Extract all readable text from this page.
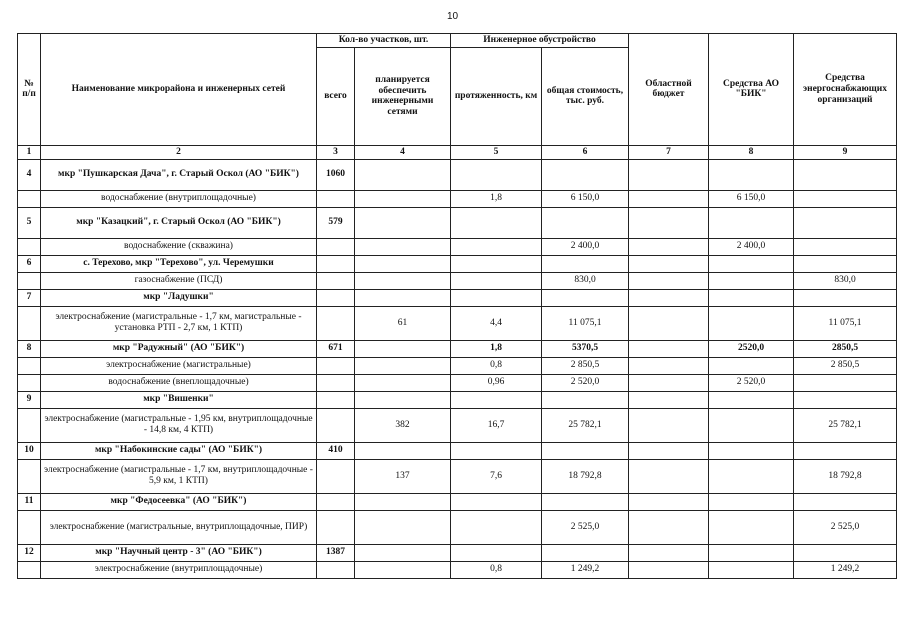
10
№ п/п	Наименование микрорайона и инженерных сетей	Кол-во участков, шт.		Инженерное обустройство		Областной бюджет	Средства АО "БИК"	Средства энергоснабжающих организаций
		всего	планируется обеспечить инженерными сетями	протяженность, км	общая стоимость, тыс. руб.			
1	2	3	4	5	6	7	8	9
4	мкр "Пушкарская Дача", г. Старый Оскол (АО "БИК")	1060						
	водоснабжение (внутриплощадочные)			1,8	6 150,0		6 150,0	
5	мкр "Казацкий", г. Старый Оскол (АО "БИК")	579						
	водоснабжение (скважина)				2 400,0		2 400,0	
6	с. Терехово, мкр "Терехово", ул. Черемушки							
	газоснабжение (ПСД)				830,0			830,0
7	мкр "Ладушки"							
	электроснабжение (магистральные - 1,7 км, магистральные - установка РТП - 2,7 км, 1 КТП)		61	4,4	11 075,1			11 075,1
8	мкр "Радужный" (АО "БИК")	671		1,8	5370,5		2520,0	2850,5
	электроснабжение (магистральные)			0,8	2 850,5			2 850,5
	водоснабжение (внеплощадочные)			0,96	2 520,0		2 520,0	
9	мкр "Вишенки"							
	электроснабжение (магистральные - 1,95 км, внутриплощадочные - 14,8 км, 4 КТП)		382	16,7	25 782,1			25 782,1
10	мкр "Набокинские сады" (АО "БИК")	410						
	электроснабжение (магистральные - 1,7 км, внутриплощадочные - 5,9 км, 1 КТП)		137	7,6	18 792,8			18 792,8
11	мкр "Федосеевка" (АО "БИК")							
	электроснабжение (магистральные, внутриплощадочные, ПИР)				2 525,0			2 525,0
12	мкр "Научный центр - 3" (АО "БИК")	1387						
	электроснабжение (внутриплощадочные)			0,8	1 249,2			1 249,2
